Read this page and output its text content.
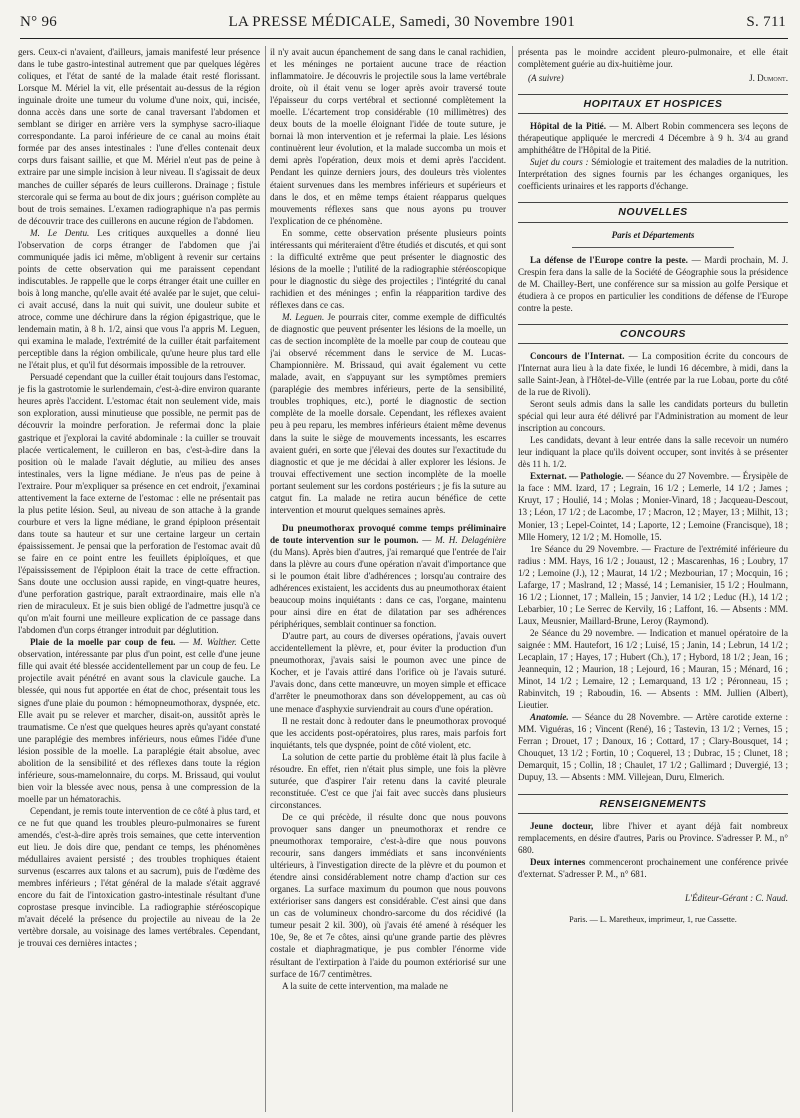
N° 96	LA PRESSE MÉDICALE, Samedi, 30 Novembre 1901	S. 711

gers. Ceux-ci n'avaient, d'ailleurs, jamais manifesté leur présence dans le tube gastro-intestinal autrement que par quelques légères coliques, et l'état de santé de la malade était resté florissant. Lorsque M. Mériel la vit, elle présentait au-dessus de la région inguinale droite une tumeur du volume d'une noix, qui, incisée, donna accès dans une sorte de canal traversant l'abdomen et semblant se diriger en arrière vers la symphyse sacro-iliaque correspondante. La paroi inférieure de ce canal au moins était formée par des anses intestinales : l'une d'elles contenait deux corps durs faisant saillie, et que M. Mériel n'eut pas de peine à extraire par une simple incision à leur niveau. Il s'agissait de deux manches de cuiller séparés de leurs cuillerons. Drainage ; fistule stercorale qui se ferma au bout de dix jours ; guérison complète au bout de trois semaines. L'examen radiographique n'a pas permis de découvrir trace des cuillerons en aucune région de l'abdomen.

M. Le Dentu. Les critiques auxquelles a donné lieu l'observation de corps étranger de l'abdomen que j'ai communiquée jadis ici même, m'obligent à revenir sur certains points de cette observation qui me paraissent cependant indiscutables. Je rappelle que le corps étranger était une cuiller en bois à long manche, qu'elle avait été avalée par le sujet, que celui-ci avait accusé, dans la nuit qui suivit, une douleur subite et atroce, comme une déchirure dans la région épigastrique, que le lendemain matin, à 8 h. 1/2, ainsi que vous l'a appris M. Leguen, qui examina le malade, l'extrémité de la cuiller était parfaitement perceptible dans la région ombilicale, qu'une heure plus tard elle ne l'était plus, et qu'il fut désormais impossible de la retrouver.

Persuadé cependant que la cuiller était toujours dans l'estomac, je fis la gastrotomie le surlendemain, c'est-à-dire environ quarante heures après l'accident. L'estomac était non seulement vide, mais son exploration, aussi minutieuse que possible, ne permit pas de découvrir la moindre perforation. Je refermai donc la plaie gastrique et j'explorai la cavité abdominale : la cuiller se trouvait placée verticalement, le cuilleron en bas, c'est-à-dire dans la position où le malade l'avait déglutie, au milieu des anses intestinales, vers la ligne médiane. Je n'eus pas de peine à l'extraire. Pour m'expliquer sa présence en cet endroit, j'examinai attentivement la face externe de l'estomac : elle ne présentait pas la plus petite lésion. Seul, au niveau de son attache à la grande courbure et vers la ligne médiane, le grand épiploon présentait dans toute sa hauteur et sur une certaine largeur un certain épaississement. Je pensai que la perforation de l'estomac avait dû se faire en ce point entre les feuillets épiploïques, et que l'épaississement de l'épiploon était la trace de cette effraction. Sans doute une occlusion aussi rapide, en vingt-quatre heures, d'une perforation gastrique, paraît extraordinaire, mais elle n'a rien de miraculeux. Et je suis bien obligé de l'admettre jusqu'à ce qu'on m'ait fourni une meilleure explication de ce passage dans l'abdomen d'un corps étranger introduit par déglutition.

Plaie de la moelle par coup de feu. — M. Walther. Cette observation, intéressante par plus d'un point, est celle d'une jeune fille qui avait été blessée accidentellement par un coup de feu. Le projectile avait pénétré en avant sous la clavicule gauche. La blessée, qui nous fut apportée en état de choc, présentait tous les signes d'une plaie du poumon : hémopneumothorax, dyspnée, etc. Elle avait pu se relever et marcher, disait-on, aussitôt après le traumatisme. Ce n'est que quelques heures après qu'ayant constaté une paraplégie des membres inférieurs, nous eûmes l'idée d'une lésion possible de la moelle. La paraplégie était absolue, avec abolition de la sensibilité et des réflexes dans toute la région inférieure, sous-mamelonnaire, du corps. M. Brissaud, qui voulut bien voir la blessée avec nous, pensa à une compression de la moelle par un hématorachis.

Cependant, je remis toute intervention de ce côté à plus tard, et ce ne fut que quand les troubles pleuro-pulmonaires se furent amendés, c'est-à-dire après trois semaines, que cette intervention eut lieu. Je dois dire que, pendant ce temps, les phénomènes médullaires avaient persisté ; des troubles trophiques étaient survenus (escarres aux talons et au sacrum), puis de l'œdème des membres inférieurs ; l'état général de la malade s'était aggravé encore du fait de l'intoxication gastro-intestinale résultant d'une coprostase presque invincible. La radiographie stéréoscopique m'avait décelé la présence du projectile au niveau de la 2e vertèbre dorsale, au voisinage des lames vertébrales. Cependant, je trouvai ces dernières intactes ;

il n'y avait aucun épanchement de sang dans le canal rachidien, et les méninges ne portaient aucune trace de réaction inflammatoire. Je découvris le projectile sous la lame vertébrale droite, où il était venu se loger après avoir traversé toute l'épaisseur du corps vertébral et sectionné complètement la moelle. L'écartement trop considérable (10 millimètres) des deux bouts de la moelle éloignant l'idée de toute suture, je bornai là mon intervention et je refermai la plaie. Les lésions continuèrent leur évolution, et la malade succomba un mois et demi après l'opération, deux mois et demi après l'accident. Pendant les quinze derniers jours, des douleurs très violentes étaient survenues dans les membres inférieurs et supérieurs et dans le dos, et en même temps étaient réapparus quelques mouvements réflexes sans que nous ayons pu trouver l'explication de ce phénomène.

En somme, cette observation présente plusieurs points intéressants qui mériteraient d'être étudiés et discutés, et qui sont : la difficulté extrême que peut présenter le diagnostic des lésions de la moelle ; l'utilité de la radiographie stéréoscopique pour le diagnostic du siège des projectiles ; l'intégrité du canal rachidien et des méninges ; enfin la réapparition tardive des réflexes dans ce cas.

M. Leguen. Je pourrais citer, comme exemple de difficultés de diagnostic que peuvent présenter les lésions de la moelle, un cas de section incomplète de la moelle par coup de couteau que j'ai observé récemment dans le service de M. Lucas-Championnière. M. Brissaud, qui avait également vu cette malade, avait, en s'appuyant sur les symptômes premiers (paraplégie des membres inférieurs, perte de la sensibilité, troubles trophiques, etc.), porté le diagnostic de section complète de la moelle dorsale. Cependant, les réflexes avaient peu à peu reparu, les membres inférieurs étaient même devenus dans la suite le siège de mouvements incessants, les escarres avaient guéri, en sorte que j'élevai des doutes sur l'exactitude du diagnostic et que je me décidai à aller explorer les lésions. Je trouvai effectivement une section incomplète de la moelle portant seulement sur les cordons postérieurs ; je fis la suture au catgut fin. La malade ne retira aucun bénéfice de cette intervention et mourut quelques semaines après.

Du pneumothorax provoqué comme temps préliminaire de toute intervention sur le poumon. — M. H. Delagénière (du Mans). Après bien d'autres, j'ai remarqué que l'entrée de l'air dans la plèvre au cours d'une opération n'avait d'importance que si le poumon était libre d'adhérences ; lorsqu'au contraire des adhérences existaient, les accidents dus au pneumothorax étaient beaucoup moins inquiétants : dans ce cas, l'organe, maintenu pour ainsi dire en état de dilatation par ses adhérences périphériques, semblait continuer sa fonction.

D'autre part, au cours de diverses opérations, j'avais ouvert accidentellement la plèvre, et, pour éviter la production d'un pneumothorax, j'avais saisi le poumon avec une pince de Kocher, et je l'avais attiré dans l'orifice où je l'avais suturé. J'avais donc, dans cette manœuvre, un moyen simple et efficace d'arrêter le pneumothorax dans son développement, au cas où une menace d'asphyxie surviendrait au cours d'une opération.

Il ne restait donc à redouter dans le pneumothorax provoqué que les accidents post-opératoires, plus rares, mais parfois fort inquiétants, tels que dyspnée, point de côté violent, etc.

La solution de cette partie du problème était là plus facile à résoudre. En effet, rien n'était plus simple, une fois la plèvre suturée, que d'aspirer l'air retenu dans la cavité pleurale reconstituée. C'est ce que j'ai fait avec succès dans plusieurs circonstances.

De ce qui précède, il résulte donc que nous pouvons provoquer sans danger un pneumothorax et rendre ce pneumothorax temporaire, c'est-à-dire que nous pouvons recourir, sans dangers immédiats et sans inconvénients ultérieurs, à l'investigation directe de la plèvre et du poumon et étendre ainsi considérablement notre champ d'action sur ces organes. La surface maximum du poumon que nous pouvons extérioriser sans dangers est considérable. C'est ainsi que dans un cas de volumineux chondro-sarcome du dos récidivé (la tumeur pesait 2 kil. 300), où j'avais été amené à réséquer les 10e, 9e, 8e et 7e côtes, ainsi qu'une grande partie des plèvres costale et diaphragmatique, je pus combler l'énorme vide résultant de l'extirpation à l'aide du poumon extériorisé sur une surface de 16/7 centimètres.

A la suite de cette intervention, ma malade ne

présenta pas le moindre accident pleuro-pulmonaire, et elle était complètement guérie au dix-huitième jour.

(A suivre)	J. Dumont.
HOPITAUX ET HOSPICES

Hôpital de la Pitié. — M. Albert Robin commencera ses leçons de thérapeutique appliquée le mercredi 4 Décembre à 9 h. 3/4 au grand amphithéâtre de l'Hôpital de la Pitié.

Sujet du cours : Sémiologie et traitement des maladies de la nutrition. Interprétation des signes fournis par les échanges organiques, les coefficients urinaires et les rapports d'échange.

NOUVELLES

Paris et Départements

La défense de l'Europe contre la peste. — Mardi prochain, M. J. Crespin fera dans la salle de la Société de Géographie sous la présidence de M. Chailley-Bert, une conférence sur sa mission au golfe Persique et étudiera à ce propos en particulier les conditions de défense de l'Europe contre la peste.

CONCOURS

Concours de l'Internat. — La composition écrite du concours de l'Internat aura lieu à la date fixée, le lundi 16 décembre, à midi, dans la salle Saint-Jean, à l'Hôtel-de-Ville (entrée par la rue Lobau, porte du côté de la rue de Rivoli).

Seront seuls admis dans la salle les candidats porteurs du bulletin spécial qui leur aura été délivré par l'Administration au moment de leur inscription au concours.

Les candidats, devant à leur entrée dans la salle recevoir un numéro leur indiquant la place qu'ils doivent occuper, sont invités à se présenter dès 11 h. 1/2.

Externat. — Pathologie. — Séance du 27 Novembre. — Érysipèle de la face : MM. Izard, 17 ; Legrain, 16 1/2 ; Lemerle, 14 1/2 ; James ; Kruyt, 17 ; Houlié, 14 ; Molas ; Monier-Vinard, 18 ; Jacqueau-Descout, 13 ; Léon, 17 1/2 ; de Lacombe, 17 ; Macron, 12 ; Mayer, 13 ; Milhit, 13 ; Monier, 13 ; Lepel-Cointet, 14 ; Laporte, 12 ; Lemoine (Francisque), 18 ; Mlle Homery, 12 1/2 ; M. Homolle, 15.

1re Séance du 29 Novembre. — Fracture de l'extrémité inférieure du radius : MM. Hays, 16 1/2 ; Jouaust, 12 ; Mascarenhas, 16 ; Loubry, 17 1/2 ; Lemoine (J.), 12 ; Maurat, 14 1/2 ; Mezbourian, 17 ; Mocquin, 16 ; Lafarge, 17 ; Maslrand, 12 ; Massé, 14 ; Lemanisier, 15 1/2 ; Houlmann, 16 1/2 ; Lionnet, 17 ; Mallein, 15 ; Janvier, 14 1/2 ; Leduc (H.), 14 1/2 ; Lebarbier, 10 ; Le Serrec de Kervily, 16 ; Laffont, 16. — Absents : MM. Laux, Meusnier, Maillard-Brune, Leroy (Raymond).

2e Séance du 29 novembre. — Indication et manuel opératoire de la saignée : MM. Hautefort, 16 1/2 ; Luisé, 15 ; Janin, 14 ; Lebrun, 14 1/2 ; Lecaplain, 17 ; Hayes, 17 ; Hubert (Ch.), 17 ; Hybord, 18 1/2 ; Jean, 16 ; Jeannequin, 12 ; Maurion, 18 ; Lejourd, 16 ; Mauran, 15 ; Ménard, 16 ; Minot, 14 1/2 ; Lemaire, 12 ; Lemarquand, 13 1/2 ; Péronneau, 15 ; Rabinvitch, 19 ; Raboudin, 16. — Absents : MM. Jullien (Albert), Lieutier.

Anatomie. — Séance du 28 Novembre. — Artère carotide externe : MM. Viguéras, 16 ; Vincent (René), 16 ; Tastevin, 13 1/2 ; Vernes, 15 ; Ferran ; Drouet, 17 ; Danoux, 16 ; Cottard, 17 ; Clary-Bousquet, 14 ; Chouquet, 13 1/2 ; Fortin, 10 ; Coquerel, 13 ; Dubrac, 15 ; Clunet, 18 ; Demarquit, 15 ; Collin, 18 ; Chaulet, 17 1/2 ; Gallimard ; Duvergié, 13 ; Dupuy, 13. — Absents : MM. Villejean, Duru, Elmerich.

RENSEIGNEMENTS

Jeune docteur, libre l'hiver et ayant déjà fait nombreux remplacements, en désire d'autres, Paris ou Province. S'adresser P. M., n° 680.

Deux internes commenceront prochainement une conférence privée d'externat. S'adresser P. M., n° 681.

L'Éditeur-Gérant : C. Naud.
Paris. — L. Maretheux, imprimeur, 1, rue Cassette.
